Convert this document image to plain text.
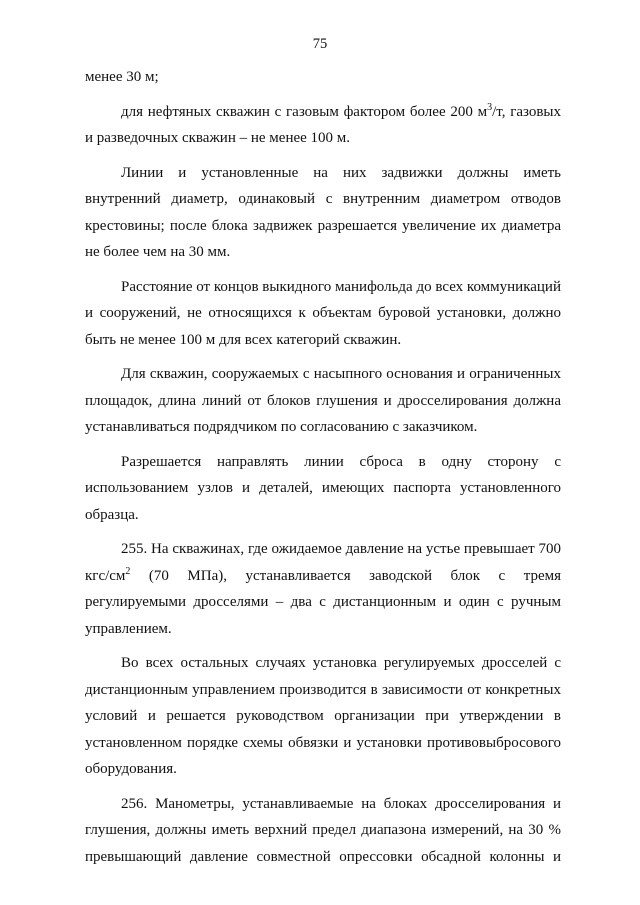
75

менее 30 м;

для нефтяных скважин с газовым фактором более 200 $м^3/т$, газовых и разведочных скважин – не менее 100 м.

Линии и установленные на них задвижки должны иметь внутренний диаметр, одинаковый с внутренним диаметром отводов крестовины; после блока задвижек разрешается увеличение их диаметра не более чем на 30 мм.

Расстояние от концов выкидного манифольда до всех коммуникаций и сооружений, не относящихся к объектам буровой установки, должно быть не менее 100 м для всех категорий скважин.

Для скважин, сооружаемых с насыпного основания и ограниченных площадок, длина линий от блоков глушения и дросселирования должна устанавливаться подрядчиком по согласованию с заказчиком.

Разрешается направлять линии сброса в одну сторону с использованием узлов и деталей, имеющих паспорта установленного образца.

255. На скважинах, где ожидаемое давление на устье превышает 700 кгс/$см^2$ (70 МПа), устанавливается заводской блок с тремя регулируемыми дросселями – два с дистанционным и один с ручным управлением.

Во всех остальных случаях установка регулируемых дросселей с дистанционным управлением производится в зависимости от конкретных условий и решается руководством организации при утверждении в установленном порядке схемы обвязки и установки противовыбросового оборудования.

256. Манометры, устанавливаемые на блоках дросселирования и глушения, должны иметь верхний предел диапазона измерений, на 30 % превышающий давление совместной опрессовки обсадной колонны и
